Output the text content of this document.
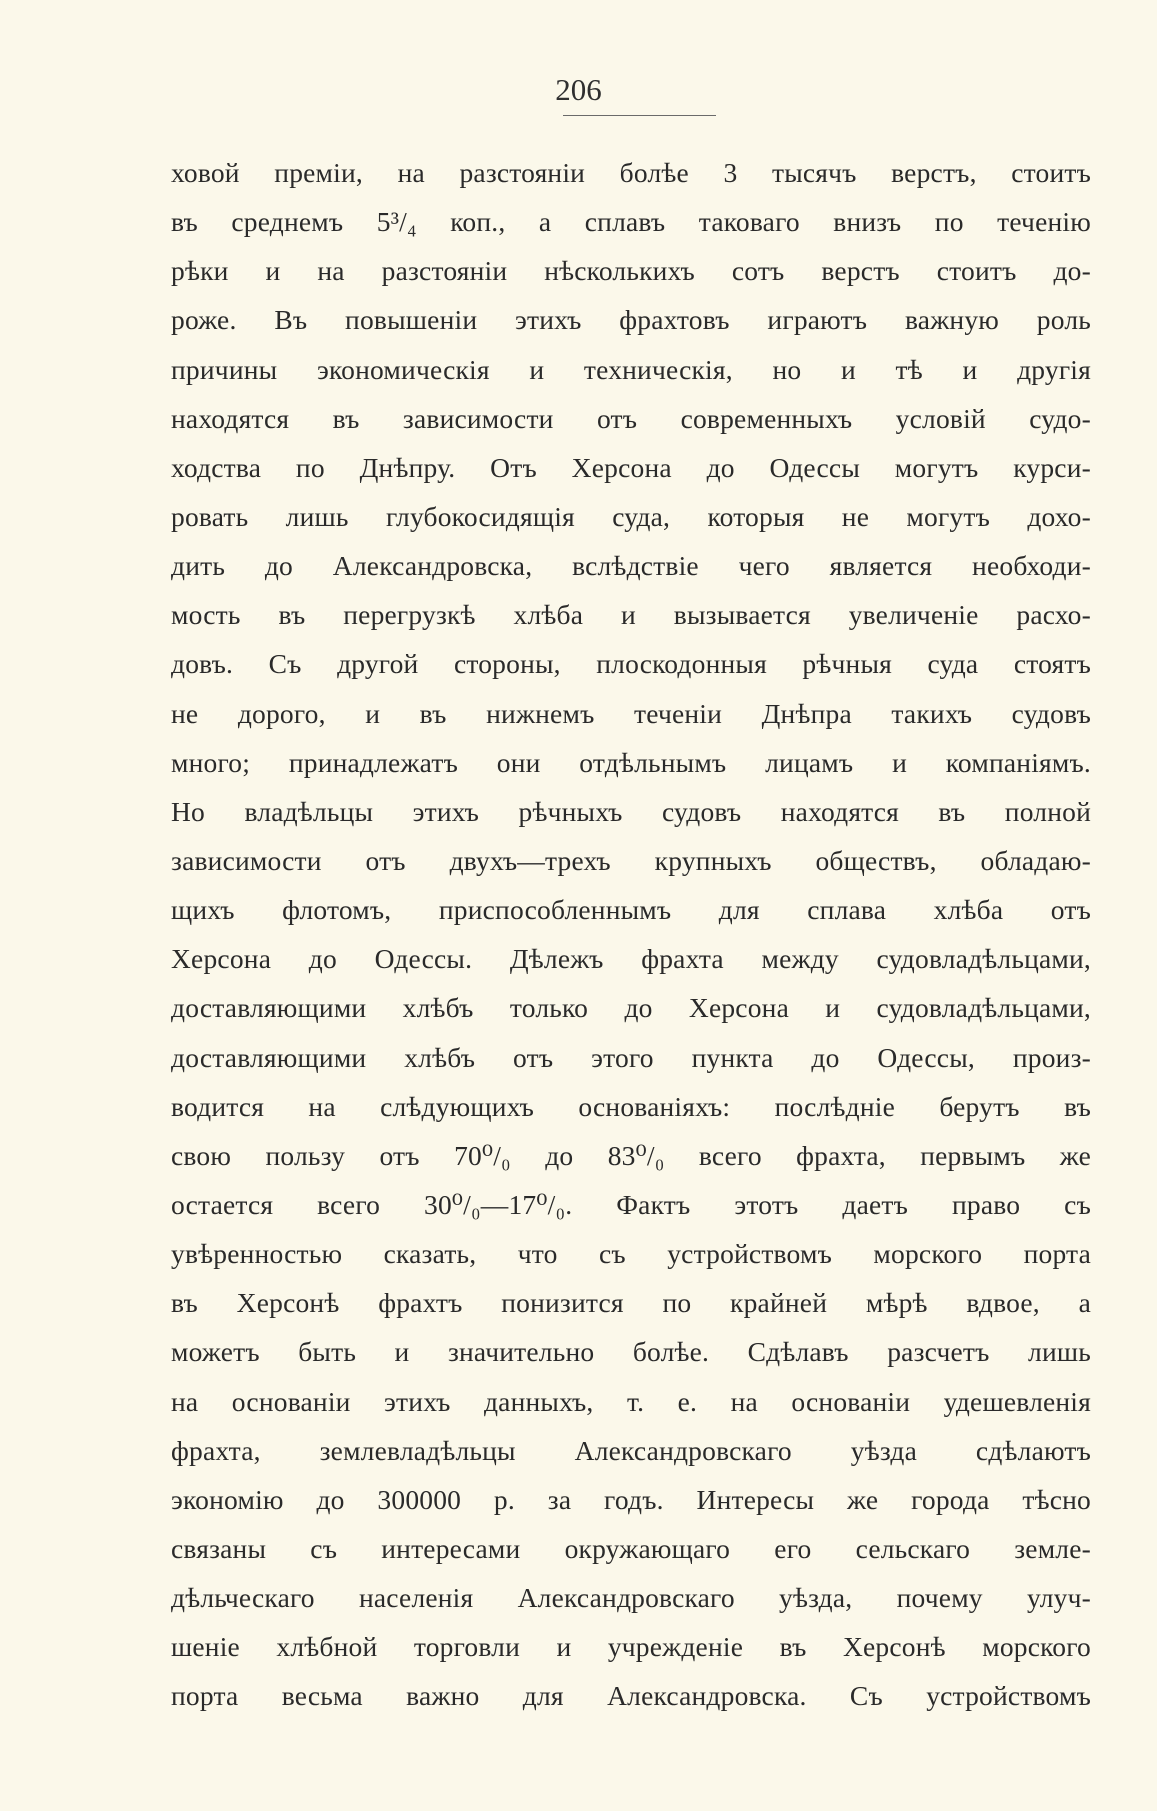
206
ховой премiи, на разстоянiи болѣе 3 тысячъ верстъ, стоитъ
въ среднемъ 5³/₄ коп., а сплавъ таковаго внизъ по теченiю
рѣки и на разстоянiи нѣсколькихъ сотъ верстъ стоитъ до-
роже. Въ повышенiи этихъ фрахтовъ играютъ важную роль
причины экономическiя и техническiя, но и тѣ и другiя
находятся въ зависимости отъ современныхъ условiй судо-
ходства по Днѣпру. Отъ Херсона до Одессы могутъ курси-
ровать лишь глубокосидящiя суда, которыя не могутъ дохо-
дить до Александровска, вслѣдствiе чего является необходи-
мость въ перегрузкѣ хлѣба и вызывается увеличенiе расхо-
довъ. Съ другой стороны, плоскодонныя рѣчныя суда стоятъ
не дорого, и въ нижнемъ теченiи Днѣпра такихъ судовъ
много; принадлежатъ они отдѣльнымъ лицамъ и компанiямъ.
Но владѣльцы этихъ рѣчныхъ судовъ находятся въ полной
зависимости отъ двухъ—трехъ крупныхъ обществъ, обладаю-
щихъ флотомъ, приспособленнымъ для сплава хлѣба отъ
Херсона до Одессы. Дѣлежъ фрахта между судовладѣльцами,
доставляющими хлѣбъ только до Херсона и судовладѣльцами,
доставляющими хлѣбъ отъ этого пункта до Одессы, произ-
водится на слѣдующихъ основанiяхъ: послѣднiе берутъ въ
свою пользу отъ 70⁰/₀ до 83⁰/₀ всего фрахта, первымъ же
остается всего 30⁰/₀—17⁰/₀. Фактъ этотъ даетъ право съ
увѣренностью сказать, что съ устройствомъ морского порта
въ Херсонѣ фрахтъ понизится по крайней мѣрѣ вдвое, а
можетъ быть и значительно болѣе. Сдѣлавъ разсчетъ лишь
на основанiи этихъ данныхъ, т. е. на основанiи удешевленiя
фрахта, землевладѣльцы Александровскаго уѣзда сдѣлаютъ
экономiю до 300000 р. за годъ. Интересы же города тѣсно
связаны съ интересами окружающаго его сельскаго земле-
дѣльческаго населенiя Александровскаго уѣзда, почему улуч-
шенiе хлѣбной торговли и учрежденiе въ Херсонѣ морского
порта весьма важно для Александровска. Съ устройствомъ
